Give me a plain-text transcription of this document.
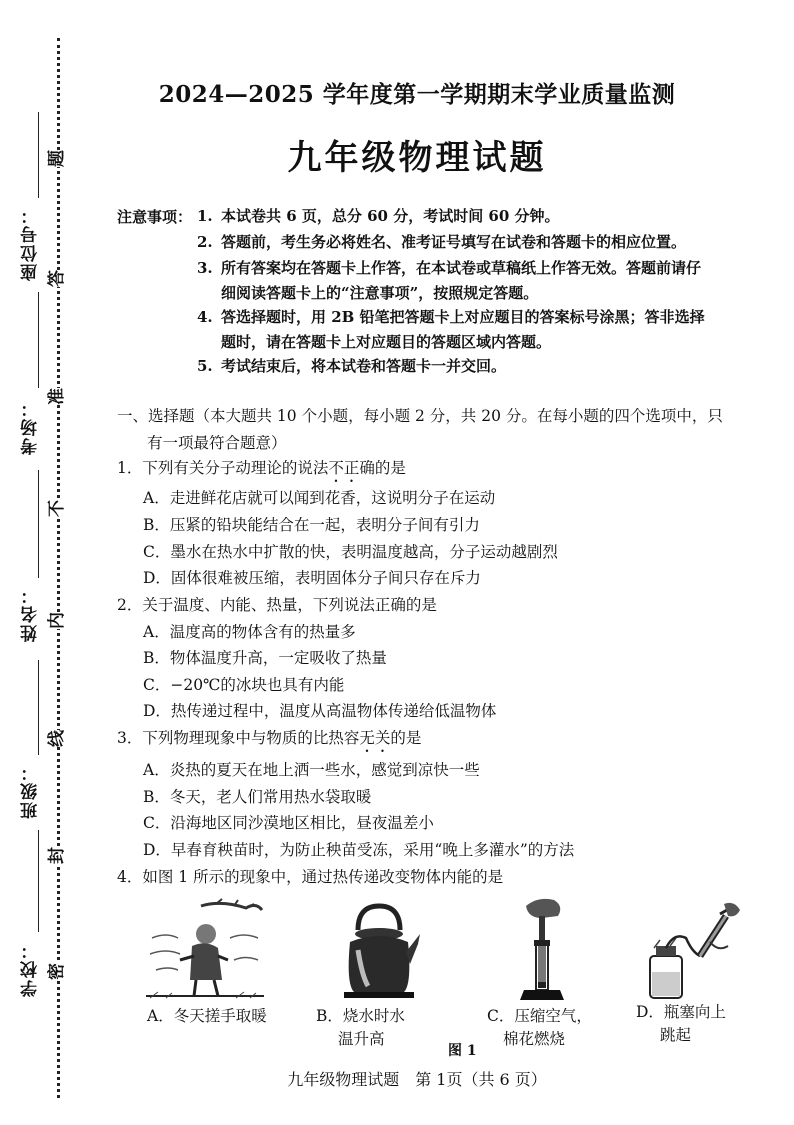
座位号：
考场：
姓名：
班级：
学校：
题
答
准
不
内
线
封
密
2024—2025 学年度第一学期期末学业质量监测
九年级物理试题
注意事项： 1. 本试卷共 6 页，总分 60 分，考试时间 60 分钟。
2. 答题前，考生务必将姓名、准考证号填写在试卷和答题卡的相应位置。
3. 所有答案均在答题卡上作答，在本试卷或草稿纸上作答无效。答题前请仔
细阅读答题卡上的“注意事项”，按照规定答题。
4. 答选择题时，用 2B 铅笔把答题卡上对应题目的答案标号涂黑；答非选择
题时，请在答题卡上对应题目的答题区域内答题。
5. 考试结束后，将本试卷和答题卡一并交回。
一、选择题（本大题共 10 个小题，每小题 2 分，共 20 分。在每小题的四个选项中，只
有一项最符合题意）
1．下列有关分子动理论的说法不正确的是
A．走进鲜花店就可以闻到花香，这说明分子在运动
B．压紧的铅块能结合在一起，表明分子间有引力
C．墨水在热水中扩散的快，表明温度越高，分子运动越剧烈
D．固体很难被压缩，表明固体分子间只存在斥力
2．关于温度、内能、热量，下列说法正确的是
A．温度高的物体含有的热量多
B．物体温度升高，一定吸收了热量
C．−20℃的冰块也具有内能
D．热传递过程中，温度从高温物体传递给低温物体
3．下列物理现象中与物质的比热容无关的是
A．炎热的夏天在地上洒一些水，感觉到凉快一些
B．冬天，老人们常用热水袋取暖
C．沿海地区同沙漠地区相比，昼夜温差小
D．早春育秧苗时，为防止秧苗受冻，采用“晚上多灌水”的方法
4．如图 1 所示的现象中，通过热传递改变物体内能的是
A．冬天搓手取暖	B．烧水时水
温升高
C．压缩空气，
棉花燃烧
D．瓶塞向上
跳起
图 1
九年级物理试题　第 1页（共 6 页）
